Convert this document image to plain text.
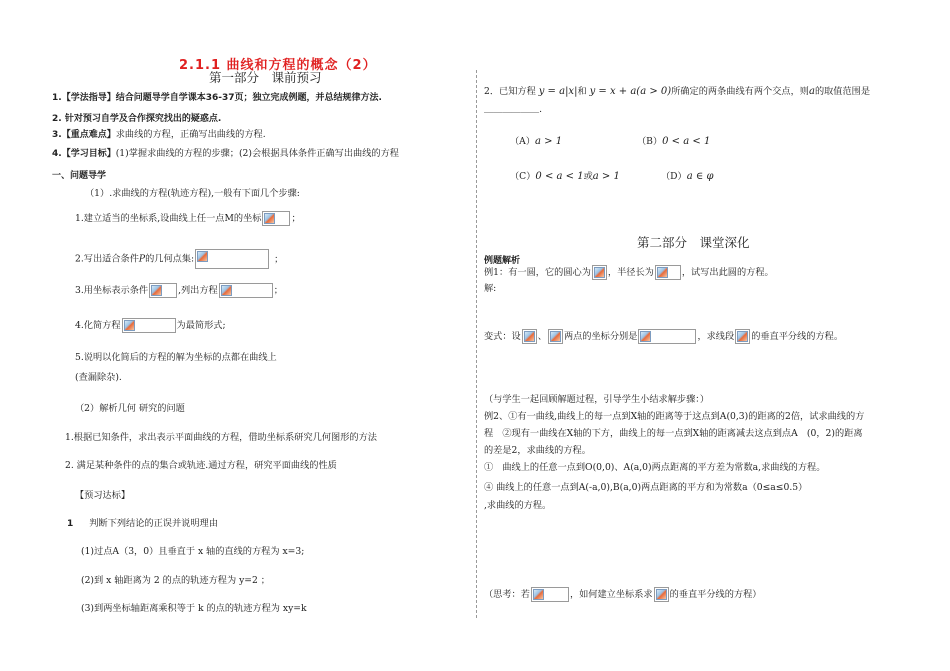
2.1.1 曲线和方程的概念（2）
第一部分　课前预习
1.【学法指导】结合问题导学自学课本36-37页；独立完成例题，并总结规律方法.
2. 针对预习自学及合作探究找出的疑惑点.
3.【重点难点】求曲线的方程，正确写出曲线的方程.
4.【学习目标】(1)掌握求曲线的方程的步骤；(2)会根据具体条件正确写出曲线的方程
一、问题导学
（1）.求曲线的方程(轨迹方程),一般有下面几个步骤:
1.建立适当的坐标系,设曲线上任一点M的坐标	；
2.写出适合条件P的几何点集:	；
3.用坐标表示条件	,列出方程	；
4.化简方程	为最简形式;
5.说明以化简后的方程的解为坐标的点都在曲线上
(查漏除杂).
（2）解析几何 研究的问题
1.根据已知条件，求出表示平面曲线的方程，借助坐标系研究几何图形的方法
2. 满足某种条件的点的集合或轨迹.通过方程，研究平面曲线的性质
【预习达标】
1 判断下列结论的正误并说明理由
(1)过点A（3，0）且垂直于 x 轴的直线的方程为 x=3;
(2)到 x 轴距离为 2 的点的轨迹方程为 y=2 ；
(3)到两坐标轴距离乘积等于 k 的点的轨迹方程为 xy=k
2．已知方程 y = a|x|和 y = x + a(a > 0)所确定的两条曲线有两个交点，则a的取值范围是
＿＿＿＿＿＿.
（A）a > 1	（B）0 < a < 1
（C）0 < a < 1或a > 1	（D）a ∈ φ
第二部分　课堂深化
例题解析
例1：有一圆，它的圆心为 ，半径长为	，试写出此圆的方程。
解:
变式：设 、 两点的坐标分别是	，求线段 的垂直平分线的方程。
（与学生一起回顾解题过程，引导学生小结求解步骤：）
例2、①有一曲线,曲线上的每一点到X轴的距离等于这点到A(0,3)的距离的2倍，试求曲线的方
程　②现有一曲线在X轴的下方，曲线上的每一点到X轴的距离减去这点到点A　(0，2)的距离
的差是2，求曲线的方程。
①　曲线上的任意一点到O(0,0)、A(a,0)两点距离的平方差为常数a,求曲线的方程。
④ 曲线上的任意一点到A(-a,0),B(a,0)两点距离的平方和为常数a（0≤a≤0.5）
,求曲线的方程。
（思考：若	，如何建立坐标系求 的垂直平分线的方程）
